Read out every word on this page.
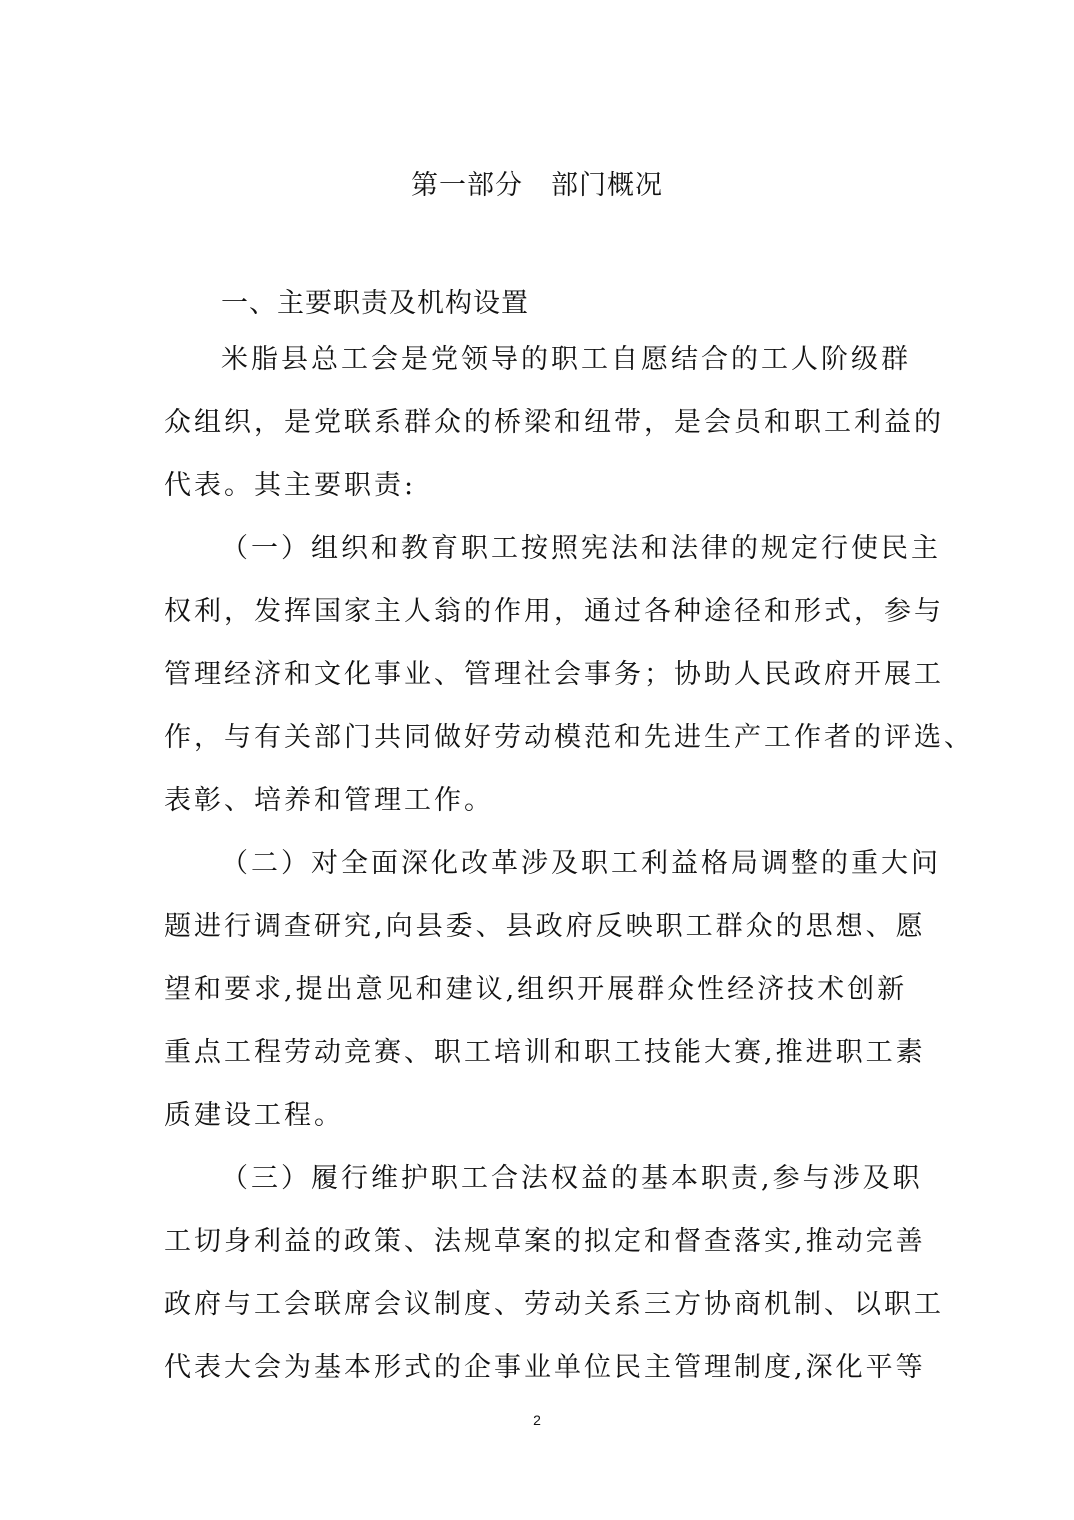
第一部分　部门概况
一、主要职责及机构设置
米脂县总工会是党领导的职工自愿结合的工人阶级群
众组织，是党联系群众的桥梁和纽带，是会员和职工利益的
代表。其主要职责:
（一）组织和教育职工按照宪法和法律的规定行使民主
权利，发挥国家主人翁的作用，通过各种途径和形式，参与
管理经济和文化事业、管理社会事务；协助人民政府开展工
作，与有关部门共同做好劳动模范和先进生产工作者的评选、
表彰、培养和管理工作。
（二）对全面深化改革涉及职工利益格局调整的重大问
题进行调查研究,向县委、县政府反映职工群众的思想、愿
望和要求,提出意见和建议,组织开展群众性经济技术创新
重点工程劳动竞赛、职工培训和职工技能大赛,推进职工素
质建设工程。
（三）履行维护职工合法权益的基本职责,参与涉及职
工切身利益的政策、法规草案的拟定和督查落实,推动完善
政府与工会联席会议制度、劳动关系三方协商机制、以职工
代表大会为基本形式的企事业单位民主管理制度,深化平等
2
